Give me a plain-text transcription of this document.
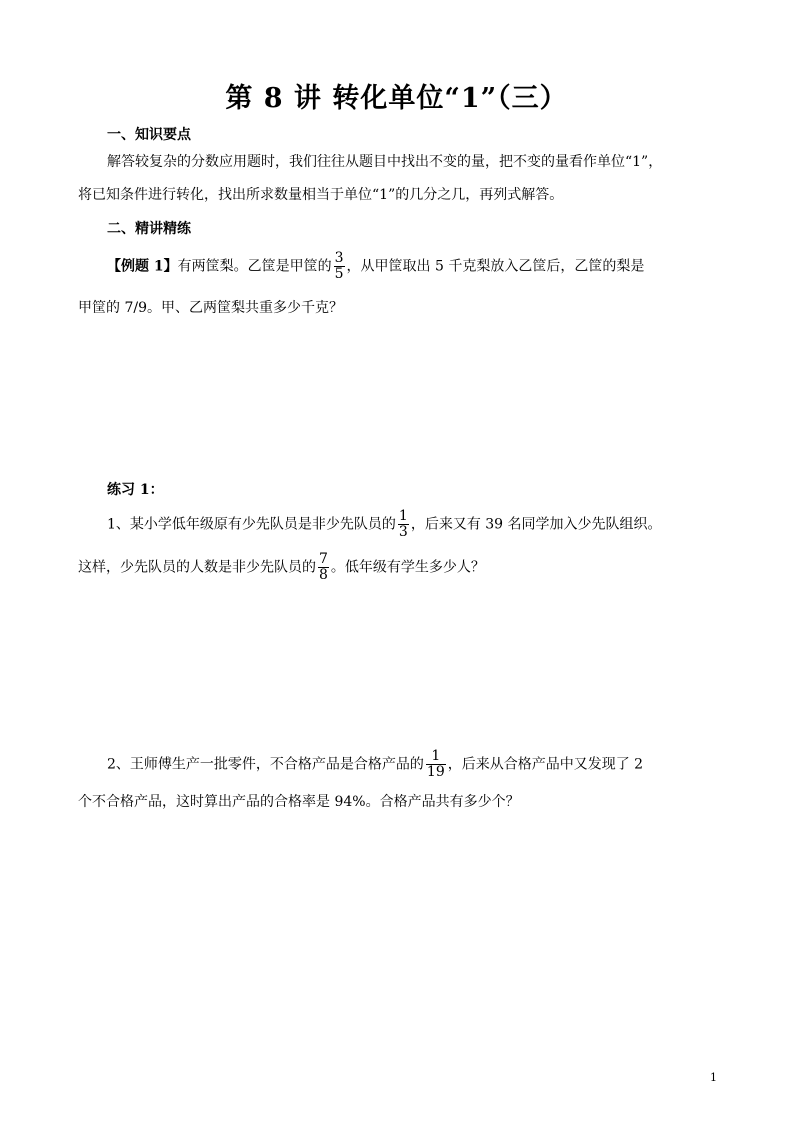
第 8 讲 转化单位“1”（三）
一、知识要点
解答较复杂的分数应用题时，我们往往从题目中找出不变的量，把不变的量看作单位“1”，
将已知条件进行转化，找出所求数量相当于单位“1”的几分之几，再列式解答。
二、精讲精练
【例题 1】有两筐梨。乙筐是甲筐的 $\frac{3}{5}$ ，从甲筐取出 5 千克梨放入乙筐后，乙筐的梨是
甲筐的 7/9。甲、乙两筐梨共重多少千克？
练习 1：
1、某小学低年级原有少先队员是非少先队员的 $\frac{1}{3}$ ，后来又有 39 名同学加入少先队组织。
这样，少先队员的人数是非少先队员的 $\frac{7}{8}$ 。低年级有学生多少人？
2、王师傅生产一批零件，不合格产品是合格产品的 $\frac{1}{19}$ ，后来从合格产品中又发现了 2
个不合格产品，这时算出产品的合格率是 94%。合格产品共有多少个？
1
